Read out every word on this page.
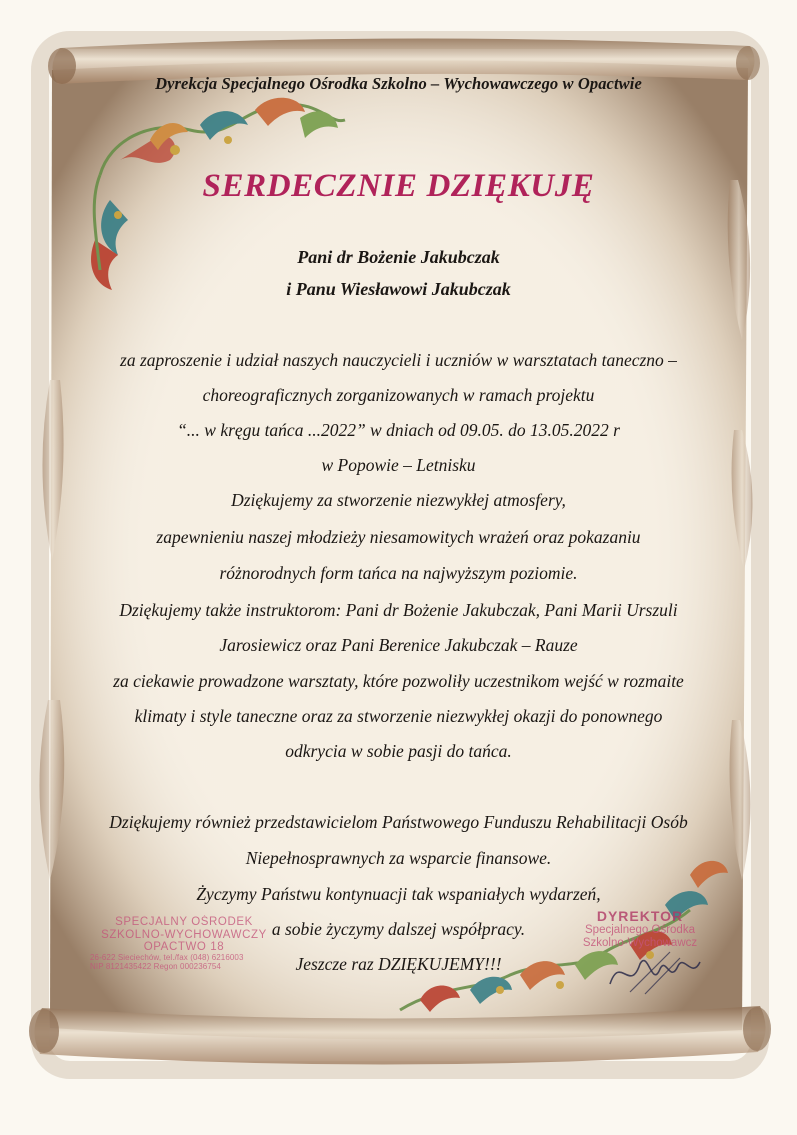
Dyrekcja Specjalnego Ośrodka Szkolno – Wychowawczego w Opactwie
SERDECZNIE DZIĘKUJĘ
Pani dr Bożenie Jakubczak
i Panu Wiesławowi Jakubczak
za zaproszenie i udział naszych nauczycieli i uczniów w warsztatach taneczno –
choreograficznych zorganizowanych w ramach projektu
“... w kręgu tańca ...2022” w dniach od 09.05. do 13.05.2022 r
w Popowie – Letnisku
Dziękujemy za stworzenie niezwykłej atmosfery,
zapewnieniu naszej młodzieży niesamowitych wrażeń oraz pokazaniu
różnorodnych form tańca na najwyższym poziomie.
Dziękujemy także instruktorom: Pani dr Bożenie Jakubczak, Pani Marii Urszuli
Jarosiewicz oraz Pani Berenice Jakubczak – Rauze
za ciekawie prowadzone warsztaty, które pozwoliły uczestnikom wejść w rozmaite
klimaty i style taneczne oraz za stworzenie niezwykłej okazji do ponownego
odkrycia w sobie pasji do tańca.
Dziękujemy również przedstawicielom Państwowego Funduszu Rehabilitacji Osób
Niepełnosprawnych za wsparcie finansowe.
Życzymy Państwu kontynuacji tak wspaniałych wydarzeń,
a sobie życzymy dalszej współpracy.
Jeszcze raz DZIĘKUJEMY!!!
SPECJALNY OŚRODEK
SZKOLNO-WYCHOWAWCZY
OPACTWO 18
26-622 Sieciechów, tel./fax (048) 6216003
NIP 8121435422 Regon 000236754
DYREKTOR
Specjalnego Ośrodka
Szkolno-Wychowawcz
